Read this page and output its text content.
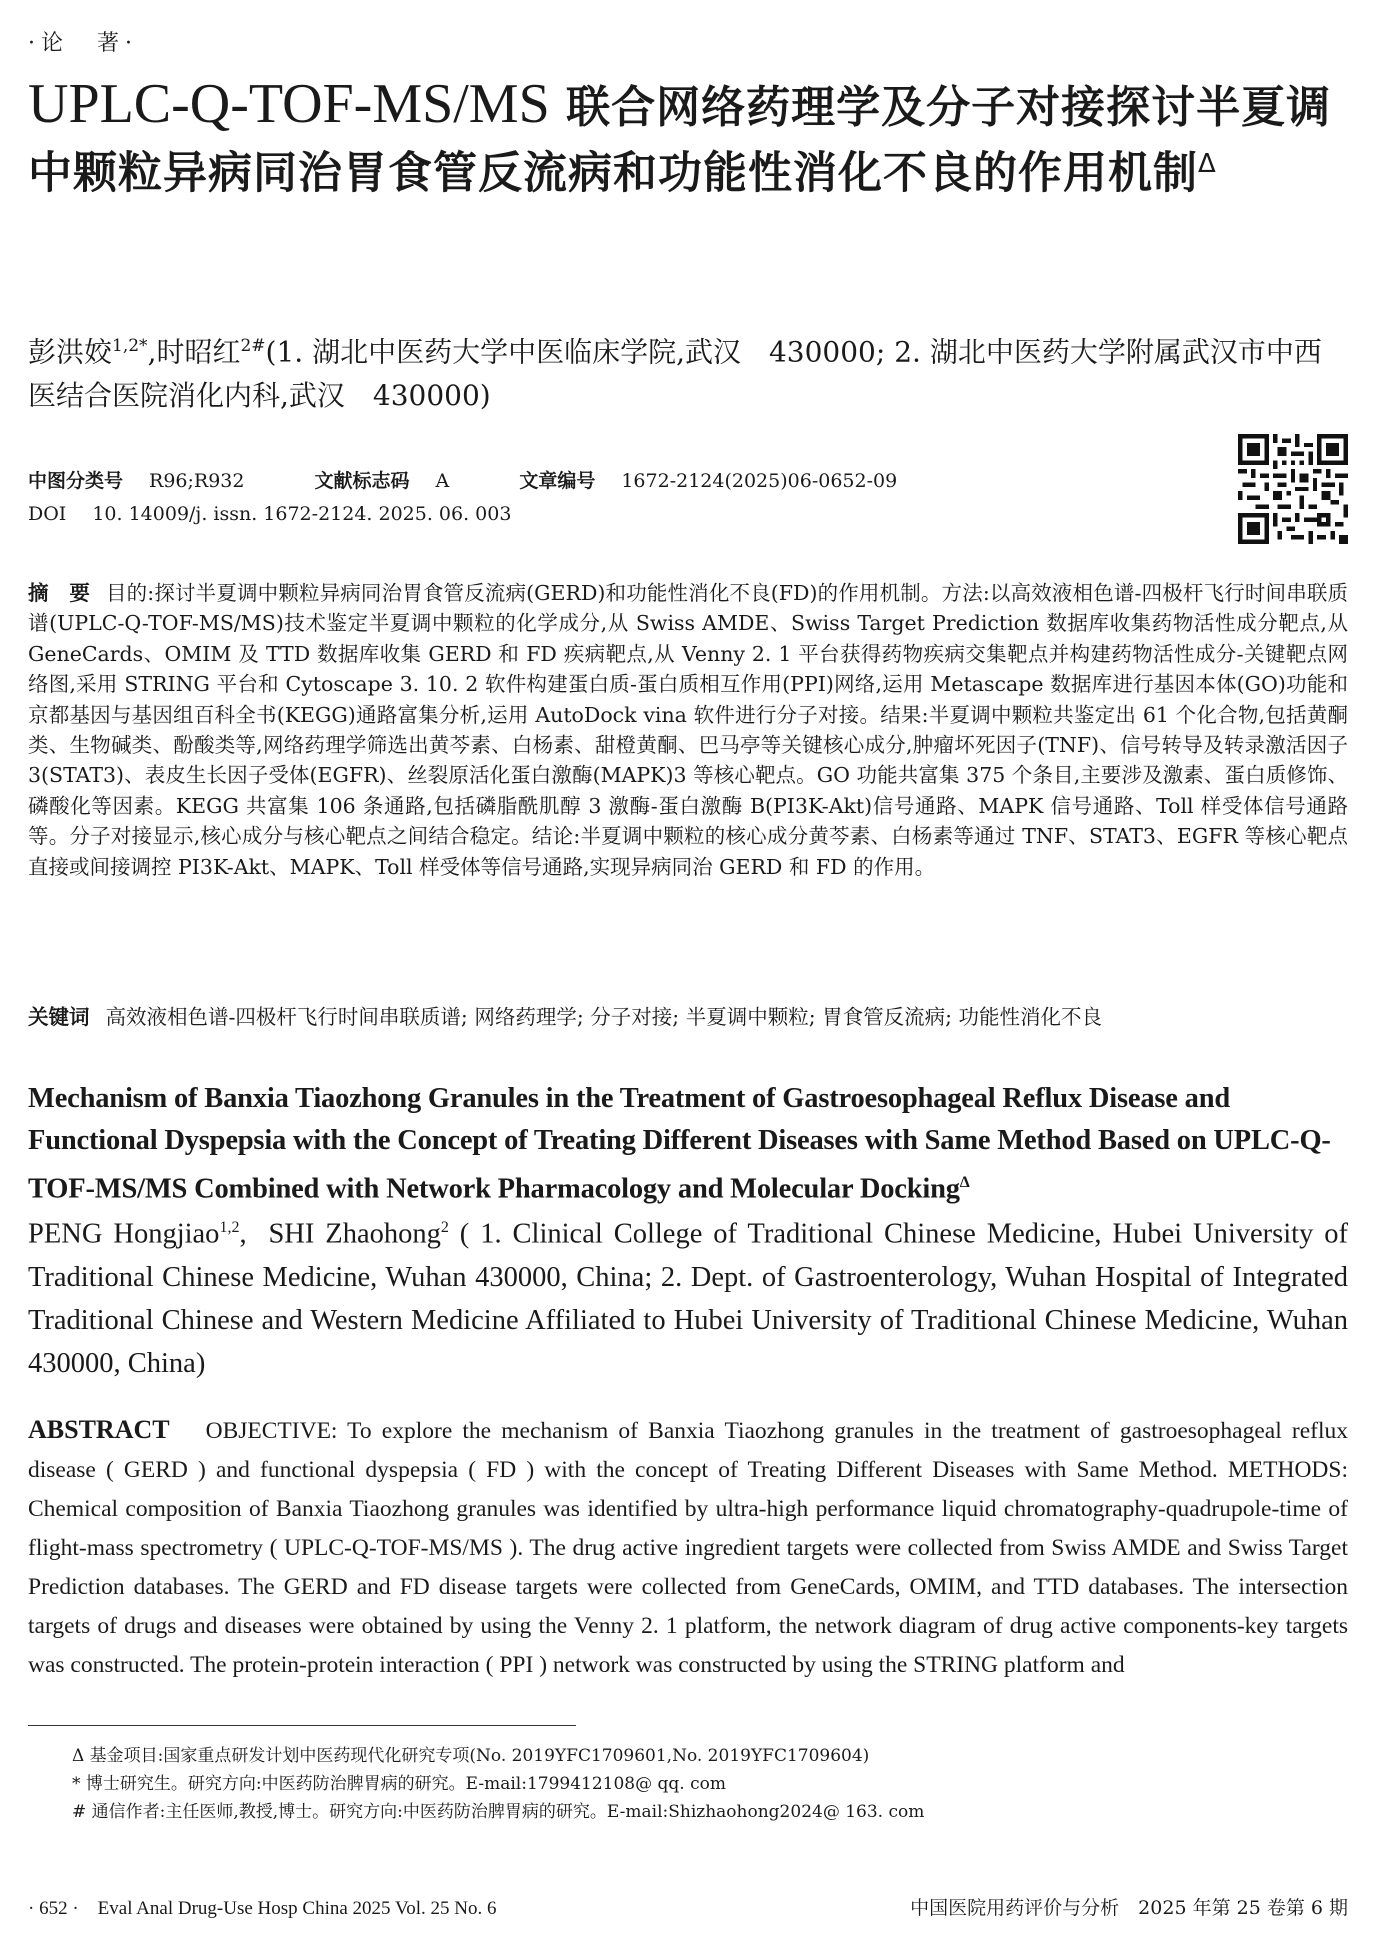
·论　著·
UPLC-Q-TOF-MS/MS 联合网络药理学及分子对接探讨半夏调中颗粒异病同治胃食管反流病和功能性消化不良的作用机制$^\Delta$
彭洪姣$^{1,2*}$,时昭红$^{2\#}$(1. 湖北中医药大学中医临床学院,武汉　430000; 2. 湖北中医药大学附属武汉市中西医结合医院消化内科,武汉　430000)
中图分类号 R96;R932	文献标志码 A	文章编号 1672-2124(2025)06-0652-09
DOI 10. 14009/j. issn. 1672-2124. 2025. 06. 003
摘　要 目的:探讨半夏调中颗粒异病同治胃食管反流病(GERD)和功能性消化不良(FD)的作用机制。方法:以高效液相色谱-四极杆飞行时间串联质谱(UPLC-Q-TOF-MS/MS)技术鉴定半夏调中颗粒的化学成分,从 Swiss AMDE、Swiss Target Prediction 数据库收集药物活性成分靶点,从 GeneCards、OMIM 及 TTD 数据库收集 GERD 和 FD 疾病靶点,从 Venny 2. 1 平台获得药物疾病交集靶点并构建药物活性成分-关键靶点网络图,采用 STRING 平台和 Cytoscape 3. 10. 2 软件构建蛋白质-蛋白质相互作用(PPI)网络,运用 Metascape 数据库进行基因本体(GO)功能和京都基因与基因组百科全书(KEGG)通路富集分析,运用 AutoDock vina 软件进行分子对接。结果:半夏调中颗粒共鉴定出 61 个化合物,包括黄酮类、生物碱类、酚酸类等,网络药理学筛选出黄芩素、白杨素、甜橙黄酮、巴马亭等关键核心成分,肿瘤坏死因子(TNF)、信号转导及转录激活因子 3(STAT3)、表皮生长因子受体(EGFR)、丝裂原活化蛋白激酶(MAPK)3 等核心靶点。GO 功能共富集 375 个条目,主要涉及激素、蛋白质修饰、磷酸化等因素。KEGG 共富集 106 条通路,包括磷脂酰肌醇 3 激酶-蛋白激酶 B(PI3K-Akt)信号通路、MAPK 信号通路、Toll 样受体信号通路等。分子对接显示,核心成分与核心靶点之间结合稳定。结论:半夏调中颗粒的核心成分黄芩素、白杨素等通过 TNF、STAT3、EGFR 等核心靶点直接或间接调控 PI3K-Akt、MAPK、Toll 样受体等信号通路,实现异病同治 GERD 和 FD 的作用。
关键词 高效液相色谱-四极杆飞行时间串联质谱; 网络药理学; 分子对接; 半夏调中颗粒; 胃食管反流病; 功能性消化不良
Mechanism of Banxia Tiaozhong Granules in the Treatment of Gastroesophageal Reflux Disease and Functional Dyspepsia with the Concept of Treating Different Diseases with Same Method Based on UPLC-Q-TOF-MS/MS Combined with Network Pharmacology and Molecular Docking$^\Delta$
PENG Hongjiao$^{1,2}$,  SHI Zhaohong$^2$ ( 1. Clinical College of Traditional Chinese Medicine, Hubei University of Traditional Chinese Medicine, Wuhan 430000, China; 2. Dept. of Gastroenterology, Wuhan Hospital of Integrated Traditional Chinese and Western Medicine Affiliated to Hubei University of Traditional Chinese Medicine, Wuhan 430000, China)
ABSTRACT OBJECTIVE: To explore the mechanism of Banxia Tiaozhong granules in the treatment of gastroesophageal reflux disease ( GERD ) and functional dyspepsia ( FD ) with the concept of Treating Different Diseases with Same Method. METHODS: Chemical composition of Banxia Tiaozhong granules was identified by ultra-high performance liquid chromatography-quadrupole-time of flight-mass spectrometry ( UPLC-Q-TOF-MS/MS ). The drug active ingredient targets were collected from Swiss AMDE and Swiss Target Prediction databases. The GERD and FD disease targets were collected from GeneCards, OMIM, and TTD databases. The intersection targets of drugs and diseases were obtained by using the Venny 2. 1 platform, the network diagram of drug active components-key targets was constructed. The protein-protein interaction ( PPI ) network was constructed by using the STRING platform and
Δ 基金项目:国家重点研发计划中医药现代化研究专项(No. 2019YFC1709601,No. 2019YFC1709604)
* 博士研究生。研究方向:中医药防治脾胃病的研究。E-mail:1799412108@ qq. com
# 通信作者:主任医师,教授,博士。研究方向:中医药防治脾胃病的研究。E-mail:Shizhaohong2024@ 163. com
· 652 ·　Eval Anal Drug-Use Hosp China 2025 Vol. 25 No. 6	中国医院用药评价与分析　2025 年第 25 卷第 6 期
